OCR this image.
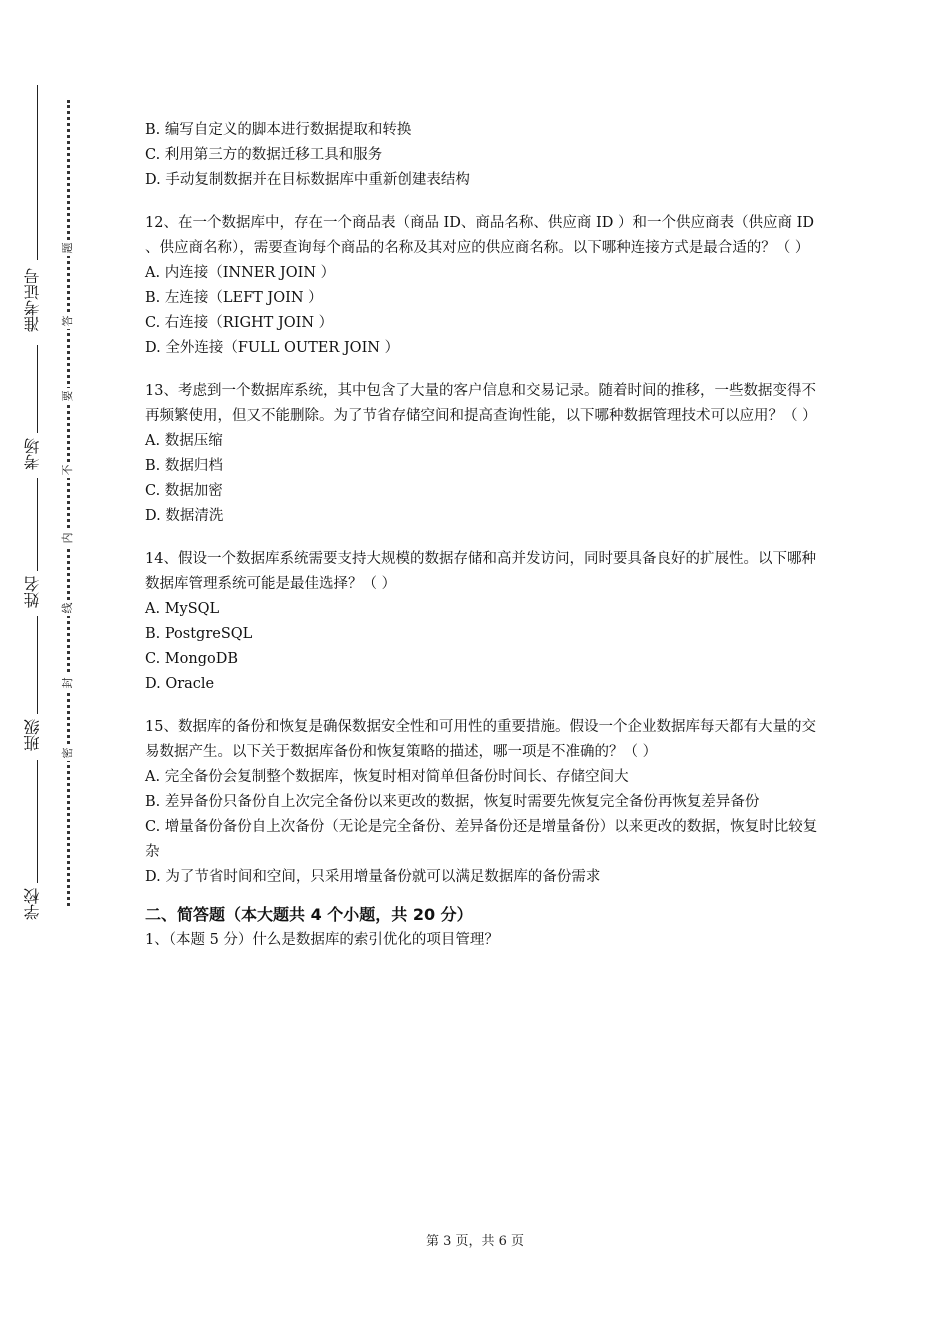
准考证号
考场
姓名
班级
学校
题
答
要
不
内
线
封
密
B. 编写自定义的脚本进行数据提取和转换
C. 利用第三方的数据迁移工具和服务
D. 手动复制数据并在目标数据库中重新创建表结构
12、在一个数据库中，存在一个商品表（商品 ID、商品名称、供应商 ID ）和一个供应商表（供应商 ID 、供应商名称），需要查询每个商品的名称及其对应的供应商名称。以下哪种连接方式是最合适的？（ ）
A. 内连接（INNER JOIN ）
B. 左连接（LEFT JOIN ）
C. 右连接（RIGHT JOIN ）
D. 全外连接（FULL OUTER JOIN ）
13、考虑到一个数据库系统，其中包含了大量的客户信息和交易记录。随着时间的推移，一些数据变得不再频繁使用，但又不能删除。为了节省存储空间和提高查询性能，以下哪种数据管理技术可以应用？（ ）
A. 数据压缩
B. 数据归档
C. 数据加密
D. 数据清洗
14、假设一个数据库系统需要支持大规模的数据存储和高并发访问，同时要具备良好的扩展性。以下哪种数据库管理系统可能是最佳选择？（ ）
A. MySQL
B. PostgreSQL
C. MongoDB
D. Oracle
15、数据库的备份和恢复是确保数据安全性和可用性的重要措施。假设一个企业数据库每天都有大量的交易数据产生。以下关于数据库备份和恢复策略的描述，哪一项是不准确的？（ ）
A. 完全备份会复制整个数据库，恢复时相对简单但备份时间长、存储空间大
B. 差异备份只备份自上次完全备份以来更改的数据，恢复时需要先恢复完全备份再恢复差异备份
C. 增量备份备份自上次备份（无论是完全备份、差异备份还是增量备份）以来更改的数据，恢复时比较复杂
D. 为了节省时间和空间，只采用增量备份就可以满足数据库的备份需求
二、简答题（本大题共 4 个小题，共 20 分）
1、（本题 5 分）什么是数据库的索引优化的项目管理？
第 3 页，共 6 页
